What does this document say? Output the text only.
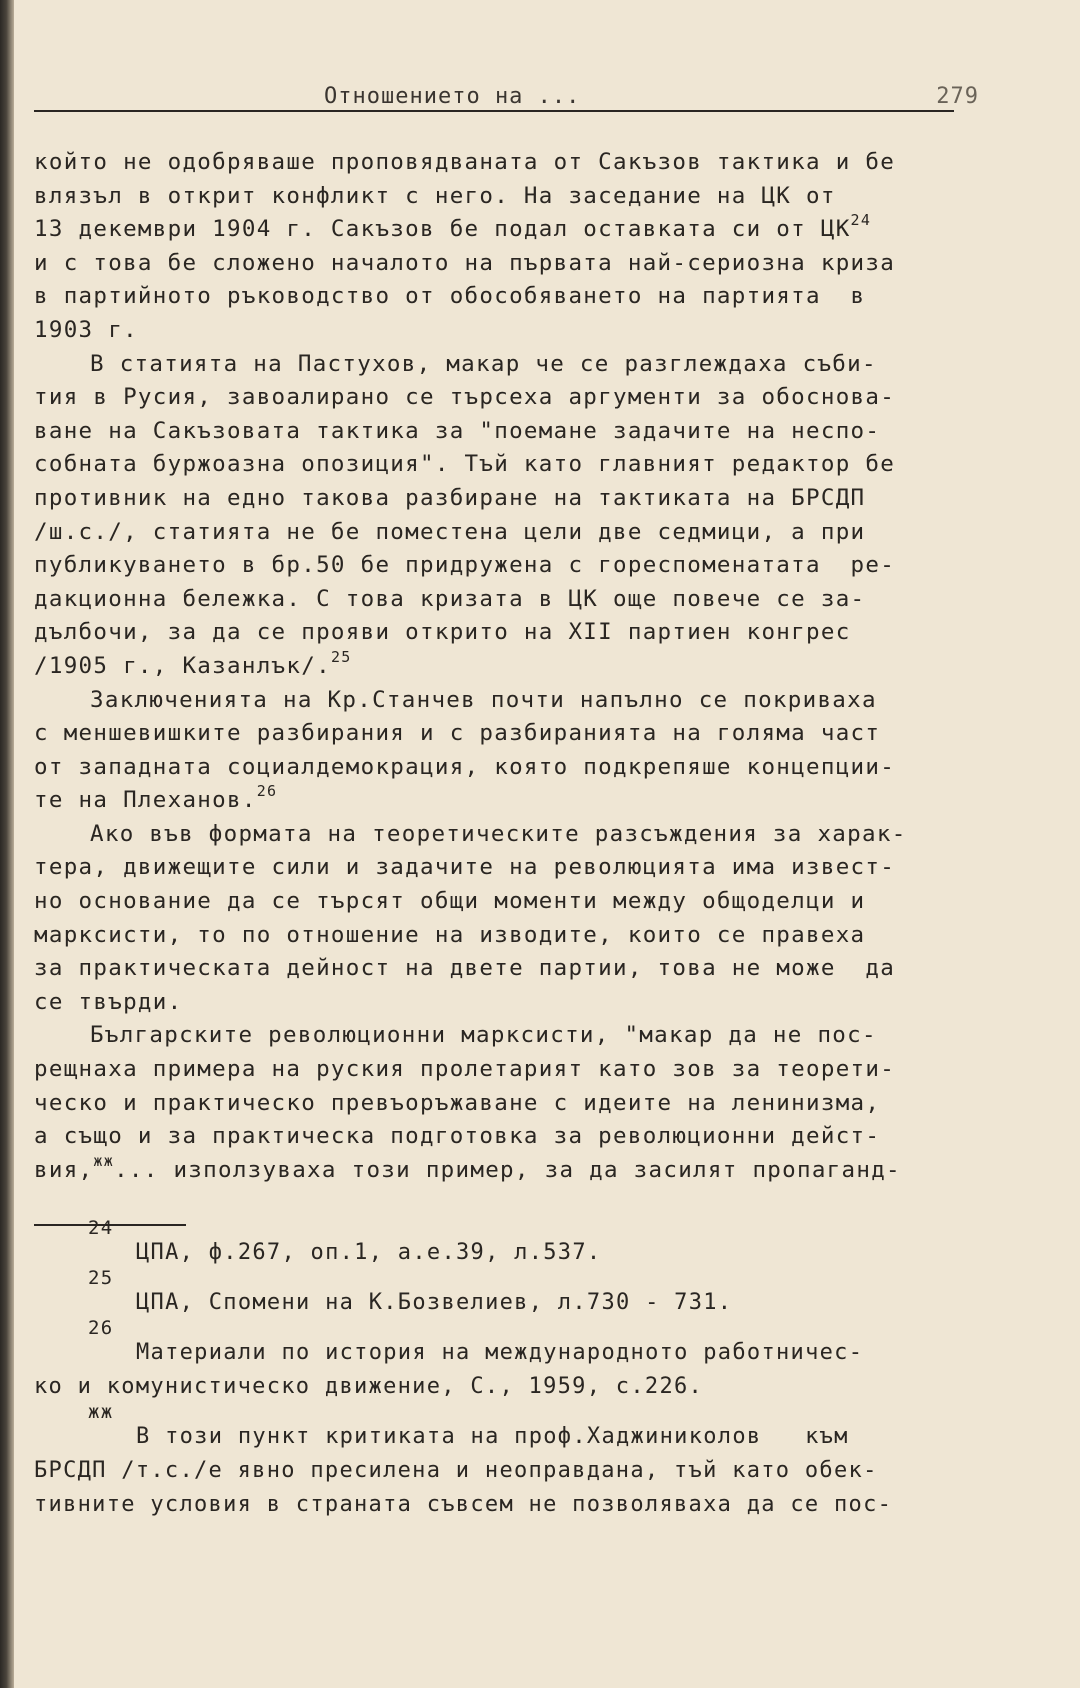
Отношението на ...	279
който не одобряваше проповядваната от Сакъзов тактика и бе
влязъл в открит конфликт с него. На заседание на ЦК от
13 декември 1904 г. Сакъзов бе подал оставката си от ЦК$^{24}$
и с това бе сложено началото на първата най-сериозна криза
в партийното ръководство от обособяването на партията  в
1903 г.
В статията на Пастухов, макар че се разглеждаха съби-
тия в Русия, завоалирано се търсеха аргументи за обоснова-
ване на Сакъзовата тактика за "поемане задачите на неспо-
собната буржоазна опозиция". Тъй като главният редактор бе
противник на едно такова разбиране на тактиката на БРСДП
/ш.с./, статията не бе поместена цели две седмици, а при
публикуването в бр.50 бе придружена с гореспоменатата  ре-
дакционна бележка. С това кризата в ЦК още повече се за-
дълбочи, за да се прояви открито на XII партиен конгрес
/1905 г., Казанлък/.$^{25}$
Заключенията на Кр.Станчев почти напълно се покриваха
с меншевишките разбирания и с разбиранията на голяма част
от западната социалдемокрация, която подкрепяше концепции-
те на Плеханов.$^{26}$
Ако във формата на теоретическите разсъждения за харак-
тера, движещите сили и задачите на революцията има извест-
но основание да се търсят общи моменти между общоделци и
марксисти, то по отношение на изводите, които се правеха
за практическата дейност на двете партии, това не може  да
се твърди.
Българските революционни марксисти, "макар да не пос-
рещнаха примера на руския пролетарият като зов за теорети-
ческо и практическо превъоръжаване с идеите на ленинизма,
а също и за практическа подготовка за революционни дейст-
вия,$^{жж}$... използуваха този пример, за да засилят пропаганд-
24
ЦПА, ф.267, оп.1, а.е.39, л.537.
25
ЦПА, Спомени на К.Бозвелиев, л.730 - 731.
26
Материали по история на международното работничес-
ко и комунистическо движение, С., 1959, с.226.
жж
В този пункт критиката на проф.Хаджиниколов   към
БРСДП /т.с./е явно пресилена и неоправдана, тъй като обек-
тивните условия в страната съвсем не позволяваха да се пос-
